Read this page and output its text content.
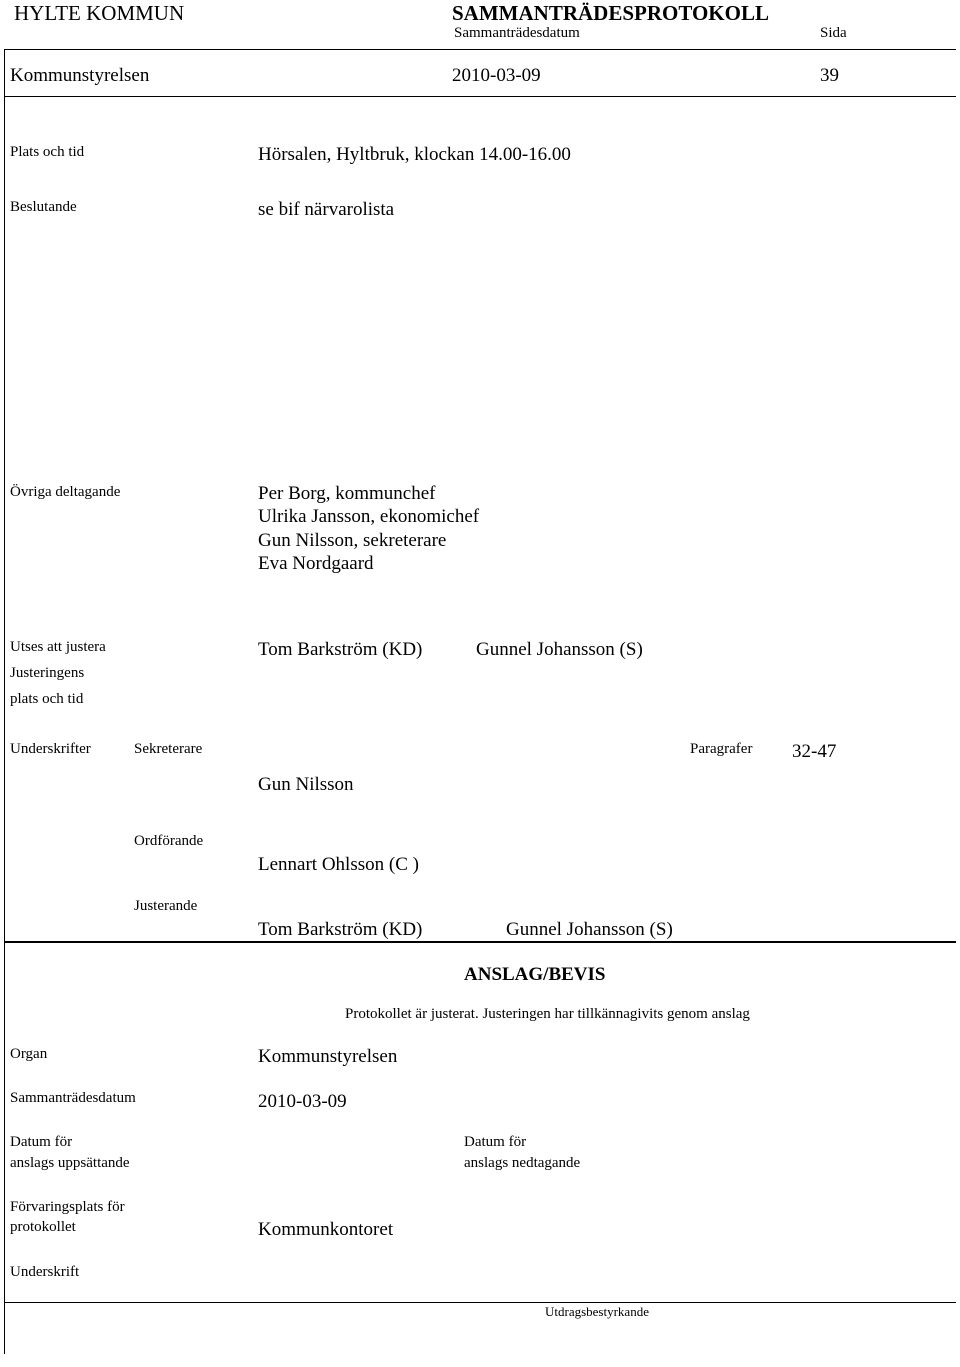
HYLTE KOMMUN	SAMMANTRÄDESPROTOKOLL
Sammanträdesdatum	Sida
Kommunstyrelsen	2010-03-09	39
Plats och tid	Hörsalen, Hyltbruk, klockan 14.00-16.00
Beslutande	se bif närvarolista
Övriga deltagande	Per Borg, kommunchef
Ulrika Jansson, ekonomichef
Gun Nilsson, sekreterare
Eva Nordgaard
Utses att justera	Tom Barkström (KD)	Gunnel Johansson (S)
Justeringens
plats och tid
Underskrifter	Sekreterare	Paragrafer 32-47
Gun Nilsson
Ordförande
Lennart Ohlsson (C )
Justerande
Tom Barkström (KD)	Gunnel Johansson (S)
ANSLAG/BEVIS
Protokollet är justerat. Justeringen har tillkännagivits genom anslag
Organ	Kommunstyrelsen
Sammanträdesdatum	2010-03-09
Datum för
anslags uppsättande
Datum för
anslags nedtagande
Förvaringsplats för
protokollet	Kommunkontoret
Underskrift
Utdragsbestyrkande
